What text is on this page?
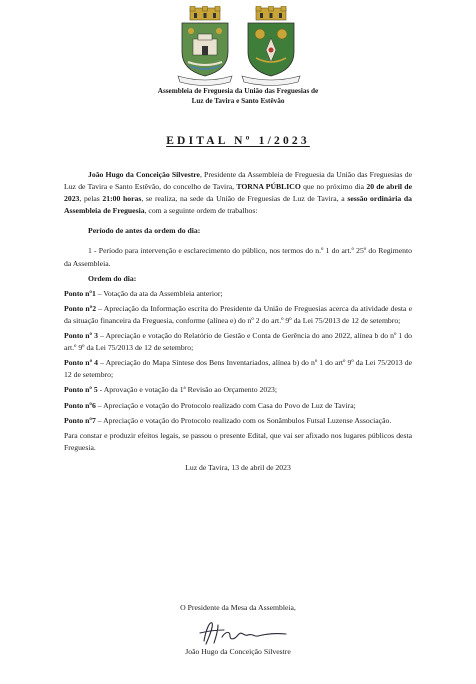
Assembleia de Freguesia da União das Freguesias de
Luz de Tavira e Santo Estêvão
EDITAL Nº 1/2023

João Hugo da Conceição Silvestre, Presidente da Assembleia de Freguesia da União das Freguesias de Luz de Tavira e Santo Estêvão, do concelho de Tavira, TORNA PÚBLICO que no próximo dia 20 de abril de 2023, pelas 21:00 horas, se realiza, na sede da União de Freguesias de Luz de Tavira, a sessão ordinária da Assembleia de Freguesia, com a seguinte ordem de trabalhos:

Período de antes da ordem do dia:

1 - Período para intervenção e esclarecimento do público, nos termos do n.º 1 do art.º 25º do Regimento da Assembleia.

Ordem do dia:

Ponto nº1 – Votação da ata da Assembleia anterior;

Ponto nº2 – Apreciação da Informação escrita do Presidente da União de Freguesias acerca da atividade desta e da situação financeira da Freguesia, conforme (alínea e) do nº 2 do art.º 9º da Lei 75/2013 de 12 de setembro;

Ponto nº 3 – Apreciação e votação do Relatório de Gestão e Conta de Gerência do ano 2022, alínea b do nº 1 do art.º 9º da Lei 75/2013 de 12 de setembro;

Ponto nº 4 – Apreciação do Mapa Síntese dos Bens Inventariados, alínea b) do nº 1 do artº 9º da Lei 75/2013 de 12 de setembro;

Ponto nº 5 - Aprovação e votação da 1ª Revisão ao Orçamento 2023;

Ponto nº6 – Apreciação e votação do Protocolo realizado com Casa do Povo de Luz de Tavira;

Ponto nº7 – Apreciação e votação do Protocolo realizado com os Sonâmbulos Futsal Luzense Associação.

Para constar e produzir efeitos legais, se passou o presente Edital, que vai ser afixado nos lugares públicos desta Freguesia.

Luz de Tavira, 13 de abril de 2023

O Presidente da Mesa da Assembleia,
João Hugo da Conceição Silvestre
